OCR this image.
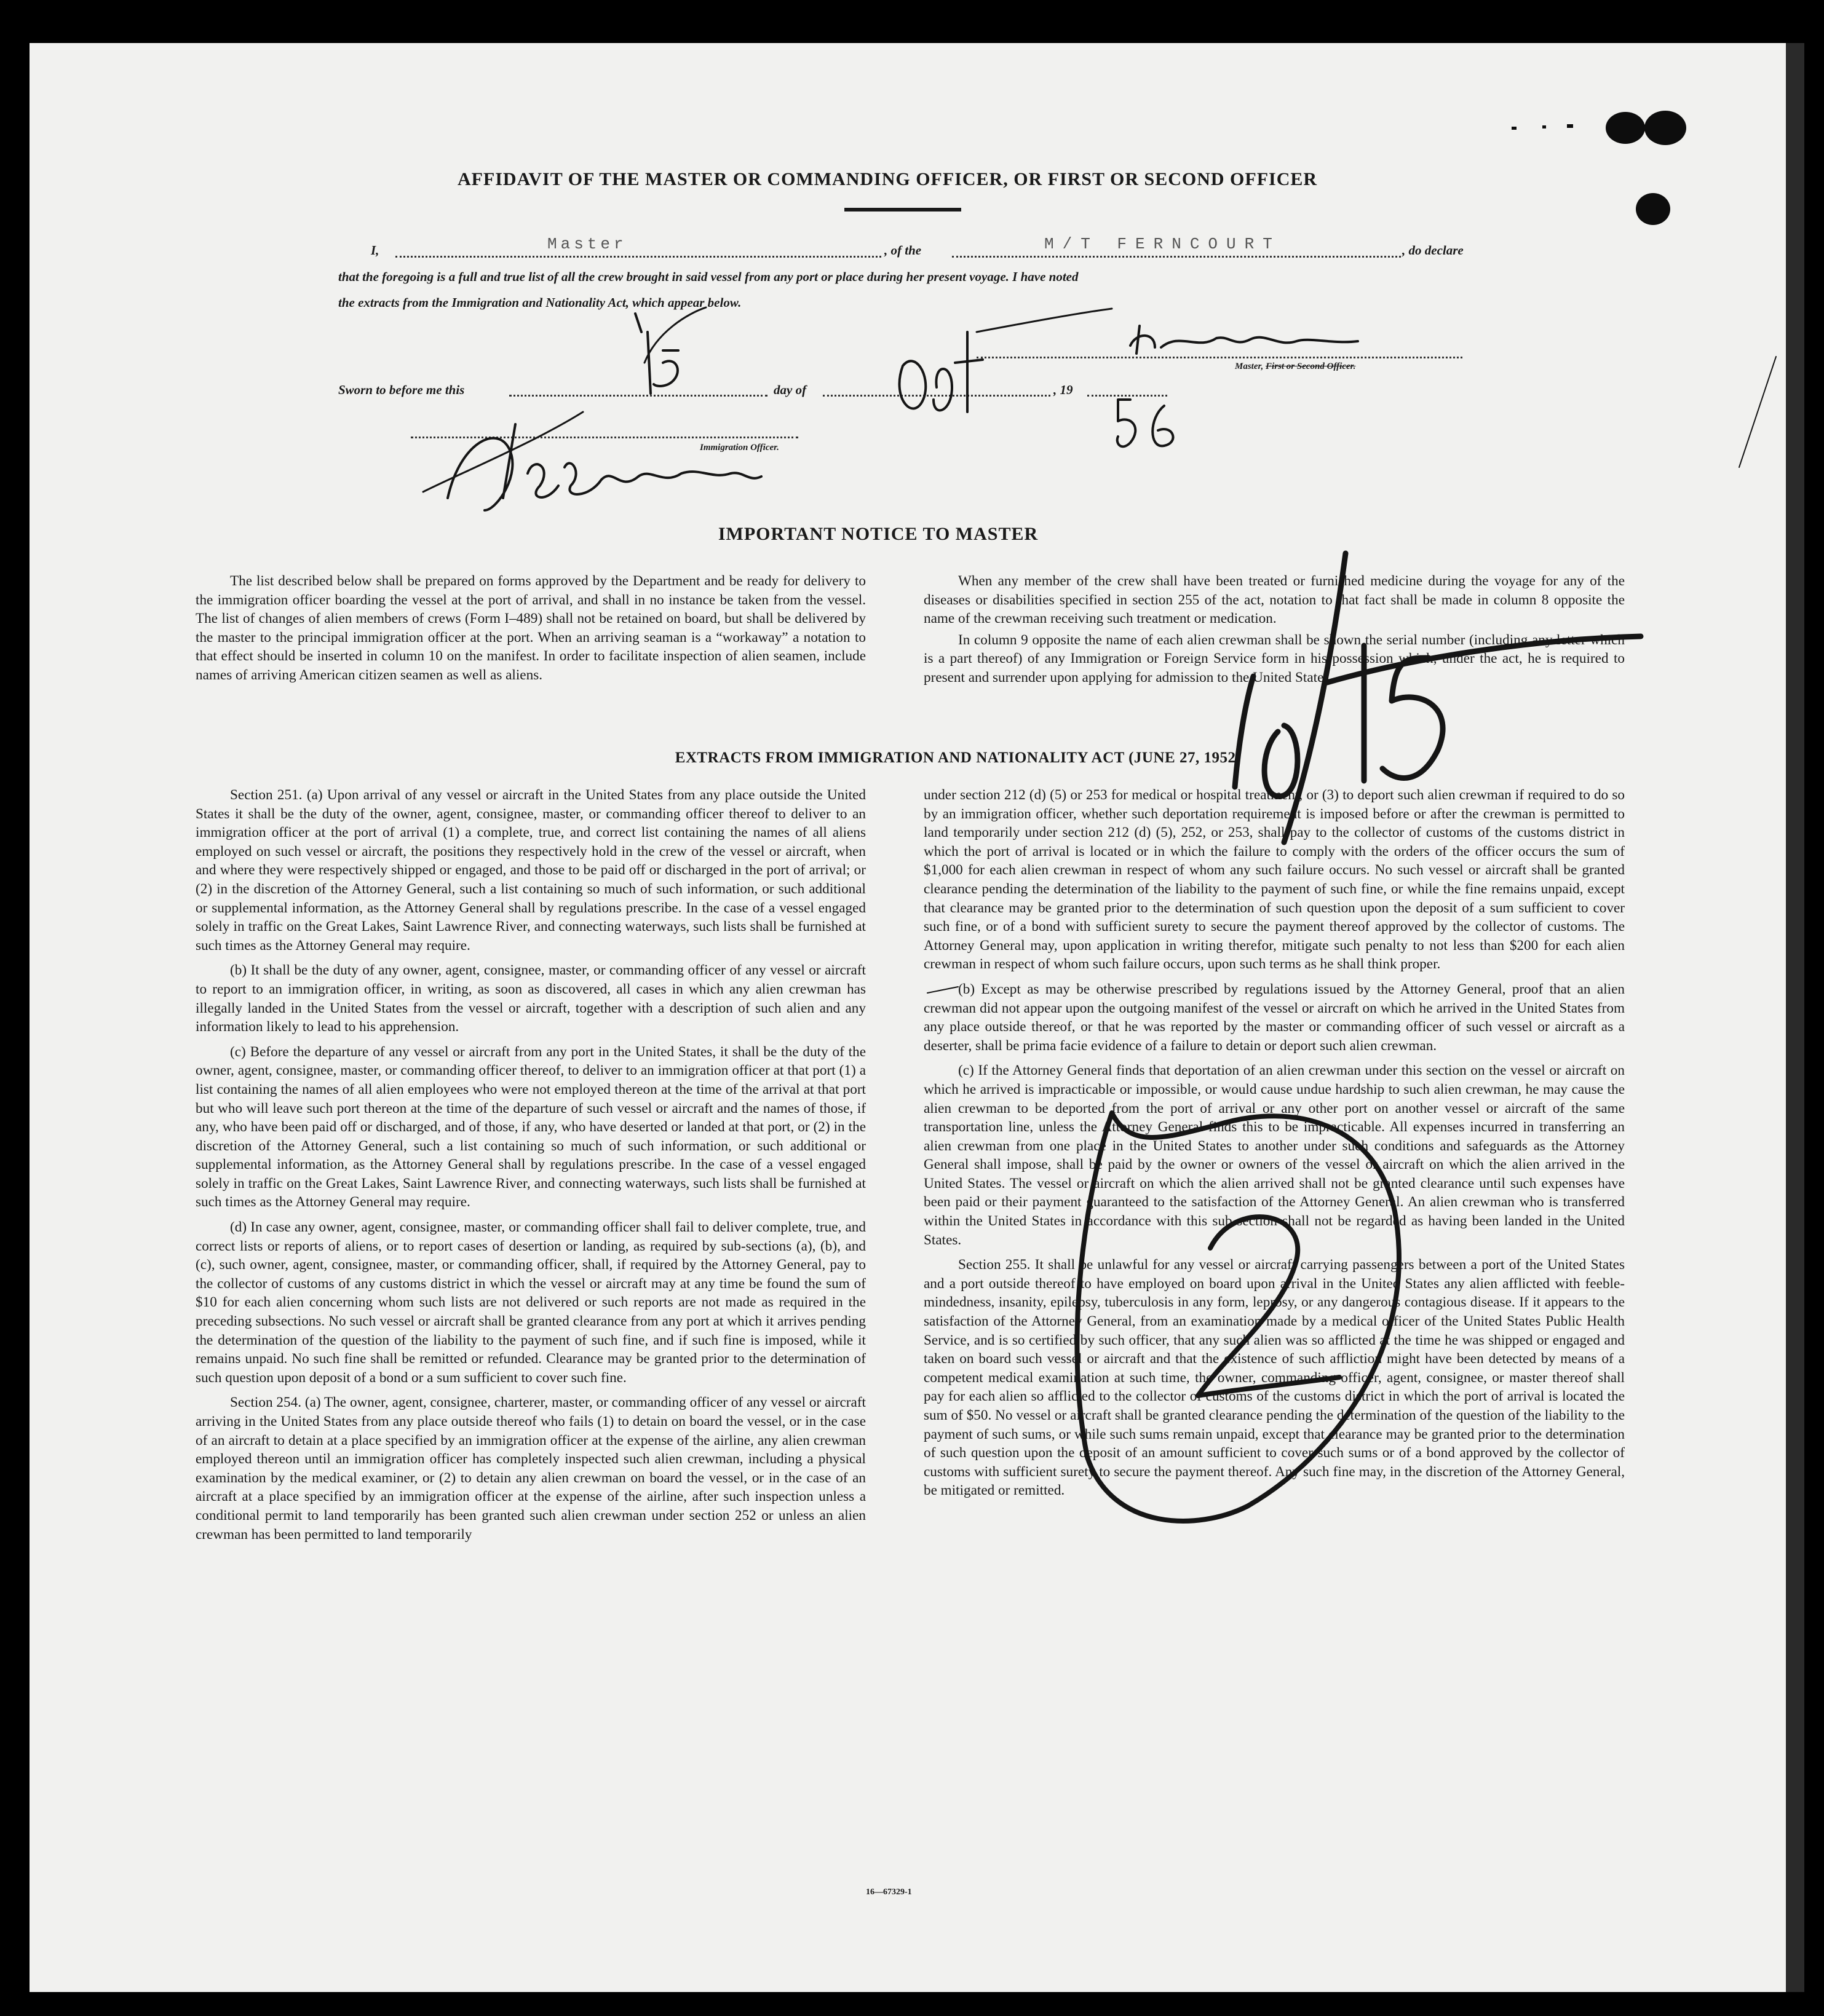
AFFIDAVIT OF THE MASTER OR COMMANDING OFFICER, OR FIRST OR SECOND OFFICER
I,	Master	, of the	M/T FERNCOURT	, do declare
that the foregoing is a full and true list of all the crew brought in said vessel from any port or place during her present voyage. I have noted
the extracts from the Immigration and Nationality Act, which appear below.
Sworn to before me this	day of	, 19
Master, First or Second Officer.
Immigration Officer.
IMPORTANT NOTICE TO MASTER

The list described below shall be prepared on forms approved by the Department and be ready for delivery to the immigration officer boarding the vessel at the port of arrival, and shall in no instance be taken from the vessel. The list of changes of alien members of crews (Form I–489) shall not be retained on board, but shall be delivered by the master to the principal immigration officer at the port. When an arriving seaman is a “workaway” a notation to that effect should be inserted in column 10 on the manifest. In order to facilitate inspection of alien seamen, include names of arriving American citizen seamen as well as aliens.

When any member of the crew shall have been treated or furnished medicine during the voyage for any of the diseases or disabilities specified in section 255 of the act, notation to that fact shall be made in column 8 opposite the name of the crewman receiving such treatment or medication.

In column 9 opposite the name of each alien crewman shall be shown the serial number (including any letter which is a part thereof) of any Immigration or Foreign Service form in his possession which, under the act, he is required to present and surrender upon applying for admission to the United States.

EXTRACTS FROM IMMIGRATION AND NATIONALITY ACT (JUNE 27, 1952)

Section 251. (a) Upon arrival of any vessel or aircraft in the United States from any place outside the United States it shall be the duty of the owner, agent, consignee, master, or commanding officer thereof to deliver to an immigration officer at the port of arrival (1) a complete, true, and correct list containing the names of all aliens employed on such vessel or aircraft, the positions they respectively hold in the crew of the vessel or aircraft, when and where they were respectively shipped or engaged, and those to be paid off or discharged in the port of arrival; or (2) in the discretion of the Attorney General, such a list containing so much of such information, or such additional or supplemental information, as the Attorney General shall by regulations prescribe. In the case of a vessel engaged solely in traffic on the Great Lakes, Saint Lawrence River, and connecting waterways, such lists shall be furnished at such times as the Attorney General may require.

(b) It shall be the duty of any owner, agent, consignee, master, or commanding officer of any vessel or aircraft to report to an immigration officer, in writing, as soon as discovered, all cases in which any alien crewman has illegally landed in the United States from the vessel or aircraft, together with a description of such alien and any information likely to lead to his apprehension.

(c) Before the departure of any vessel or aircraft from any port in the United States, it shall be the duty of the owner, agent, consignee, master, or commanding officer thereof, to deliver to an immigration officer at that port (1) a list containing the names of all alien employees who were not employed thereon at the time of the arrival at that port but who will leave such port thereon at the time of the departure of such vessel or aircraft and the names of those, if any, who have been paid off or discharged, and of those, if any, who have deserted or landed at that port, or (2) in the discretion of the Attorney General, such a list containing so much of such information, or such additional or supplemental information, as the Attorney General shall by regulations prescribe. In the case of a vessel engaged solely in traffic on the Great Lakes, Saint Lawrence River, and connecting waterways, such lists shall be furnished at such times as the Attorney General may require.

(d) In case any owner, agent, consignee, master, or commanding officer shall fail to deliver complete, true, and correct lists or reports of aliens, or to report cases of desertion or landing, as required by sub-sections (a), (b), and (c), such owner, agent, consignee, master, or commanding officer, shall, if required by the Attorney General, pay to the collector of customs of any customs district in which the vessel or aircraft may at any time be found the sum of $10 for each alien concerning whom such lists are not delivered or such reports are not made as required in the preceding subsections. No such vessel or aircraft shall be granted clearance from any port at which it arrives pending the determination of the question of the liability to the payment of such fine, and if such fine is imposed, while it remains unpaid. No such fine shall be remitted or refunded. Clearance may be granted prior to the determination of such question upon deposit of a bond or a sum sufficient to cover such fine.

Section 254. (a) The owner, agent, consignee, charterer, master, or commanding officer of any vessel or aircraft arriving in the United States from any place outside thereof who fails (1) to detain on board the vessel, or in the case of an aircraft to detain at a place specified by an immigration officer at the expense of the airline, any alien crewman employed thereon until an immigration officer has completely inspected such alien crewman, including a physical examination by the medical examiner, or (2) to detain any alien crewman on board the vessel, or in the case of an aircraft at a place specified by an immigration officer at the expense of the airline, after such inspection unless a conditional permit to land temporarily has been granted such alien crewman under section 252 or unless an alien crewman has been permitted to land temporarily

under section 212 (d) (5) or 253 for medical or hospital treatment, or (3) to deport such alien crewman if required to do so by an immigration officer, whether such deportation requirement is imposed before or after the crewman is permitted to land temporarily under section 212 (d) (5), 252, or 253, shall pay to the collector of customs of the customs district in which the port of arrival is located or in which the failure to comply with the orders of the officer occurs the sum of $1,000 for each alien crewman in respect of whom any such failure occurs. No such vessel or aircraft shall be granted clearance pending the determination of the liability to the payment of such fine, or while the fine remains unpaid, except that clearance may be granted prior to the determination of such question upon the deposit of a sum sufficient to cover such fine, or of a bond with sufficient surety to secure the payment thereof approved by the collector of customs. The Attorney General may, upon application in writing therefor, mitigate such penalty to not less than $200 for each alien crewman in respect of whom such failure occurs, upon such terms as he shall think proper.

(b) Except as may be otherwise prescribed by regulations issued by the Attorney General, proof that an alien crewman did not appear upon the outgoing manifest of the vessel or aircraft on which he arrived in the United States from any place outside thereof, or that he was reported by the master or commanding officer of such vessel or aircraft as a deserter, shall be prima facie evidence of a failure to detain or deport such alien crewman.

(c) If the Attorney General finds that deportation of an alien crewman under this section on the vessel or aircraft on which he arrived is impracticable or impossible, or would cause undue hardship to such alien crewman, he may cause the alien crewman to be deported from the port of arrival or any other port on another vessel or aircraft of the same transportation line, unless the Attorney General finds this to be impracticable. All expenses incurred in transferring an alien crewman from one place in the United States to another under such conditions and safeguards as the Attorney General shall impose, shall be paid by the owner or owners of the vessel or aircraft on which the alien arrived in the United States. The vessel or aircraft on which the alien arrived shall not be granted clearance until such expenses have been paid or their payment guaranteed to the satisfaction of the Attorney General. An alien crewman who is transferred within the United States in accordance with this sub-section shall not be regarded as having been landed in the United States.

Section 255. It shall be unlawful for any vessel or aircraft carrying passengers between a port of the United States and a port outside thereof to have employed on board upon arrival in the United States any alien afflicted with feeble-mindedness, insanity, epilepsy, tuberculosis in any form, leprosy, or any dangerous contagious disease. If it appears to the satisfaction of the Attorney General, from an examination made by a medical officer of the United States Public Health Service, and is so certified by such officer, that any such alien was so afflicted at the time he was shipped or engaged and taken on board such vessel or aircraft and that the existence of such affliction might have been detected by means of a competent medical examination at such time, the owner, commanding officer, agent, consignee, or master thereof shall pay for each alien so afflicted to the collector of customs of the customs district in which the port of arrival is located the sum of $50. No vessel or aircraft shall be granted clearance pending the determination of the question of the liability to the payment of such sums, or while such sums remain unpaid, except that clearance may be granted prior to the determination of such question upon the deposit of an amount sufficient to cover such sums or of a bond approved by the collector of customs with sufficient surety to secure the payment thereof. Any such fine may, in the discretion of the Attorney General, be mitigated or remitted.

16—67329-1
